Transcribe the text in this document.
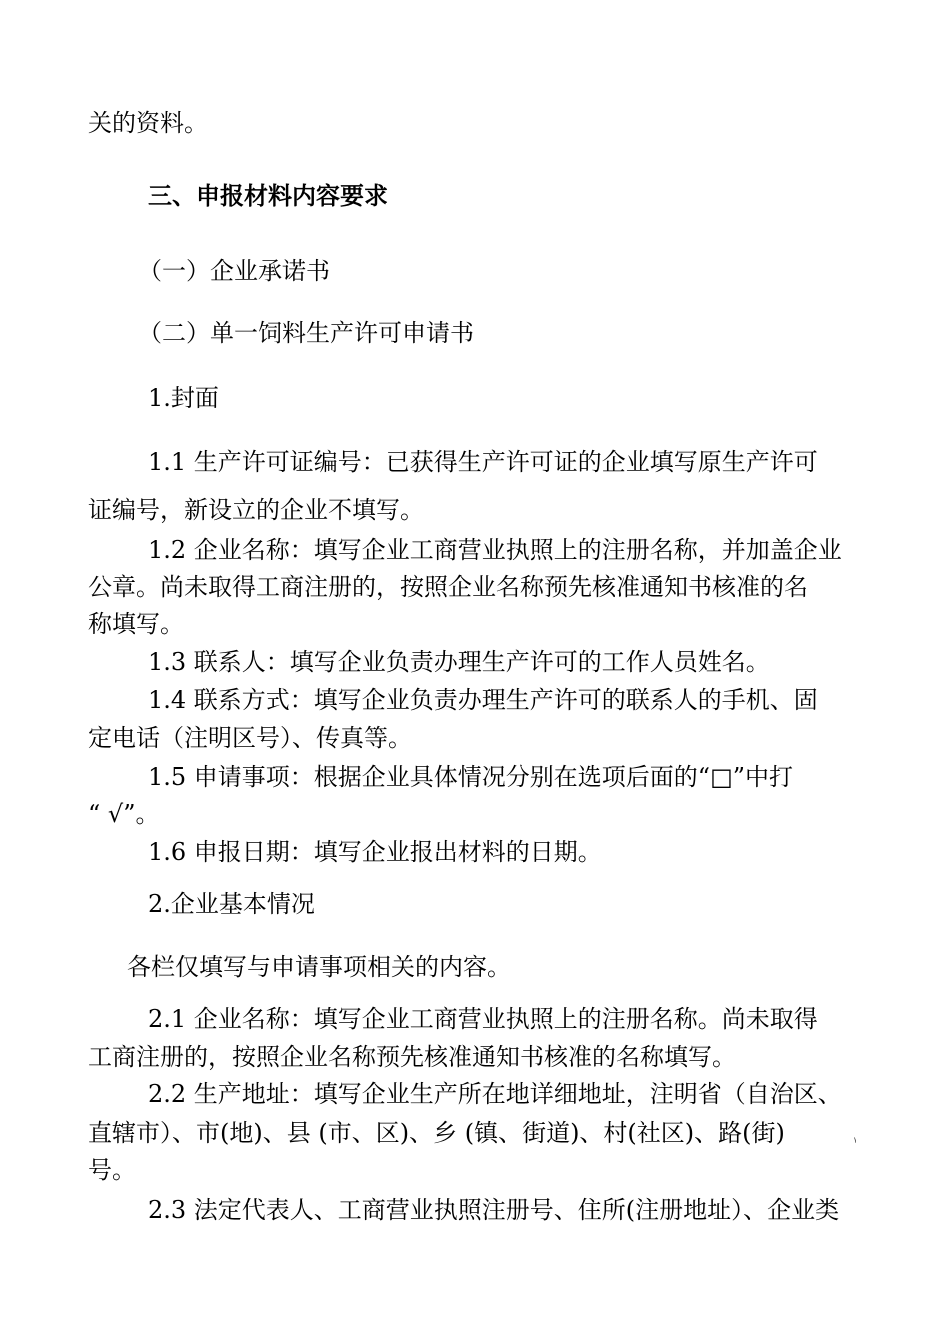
关的资料。

三、申报材料内容要求

（一）企业承诺书

（二）单一饲料生产许可申请书

1.封面

1.1 生产许可证编号：已获得生产许可证的企业填写原生产许可

证编号，新设立的企业不填写。

1.2 企业名称：填写企业工商营业执照上的注册名称，并加盖企业

公章。尚未取得工商注册的，按照企业名称预先核准通知书核准的名

称填写。

1.3 联系人：填写企业负责办理生产许可的工作人员姓名。

1.4 联系方式：填写企业负责办理生产许可的联系人的手机、固

定电话（注明区号）、传真等。

1.5 申请事项：根据企业具体情况分别在选项后面的“□”中打

“ √”。

1.6 申报日期：填写企业报出材料的日期。

2.企业基本情况

各栏仅填写与申请事项相关的内容。

2.1 企业名称：填写企业工商营业执照上的注册名称。尚未取得

工商注册的，按照企业名称预先核准通知书核准的名称填写。

2.2 生产地址：填写企业生产所在地详细地址，注明省（自治区、

直辖市）、市(地)、县 (市、区)、乡 (镇、街道)、村(社区)、路(街)	、

号。

2.3 法定代表人、工商营业执照注册号、住所(注册地址）、企业类
